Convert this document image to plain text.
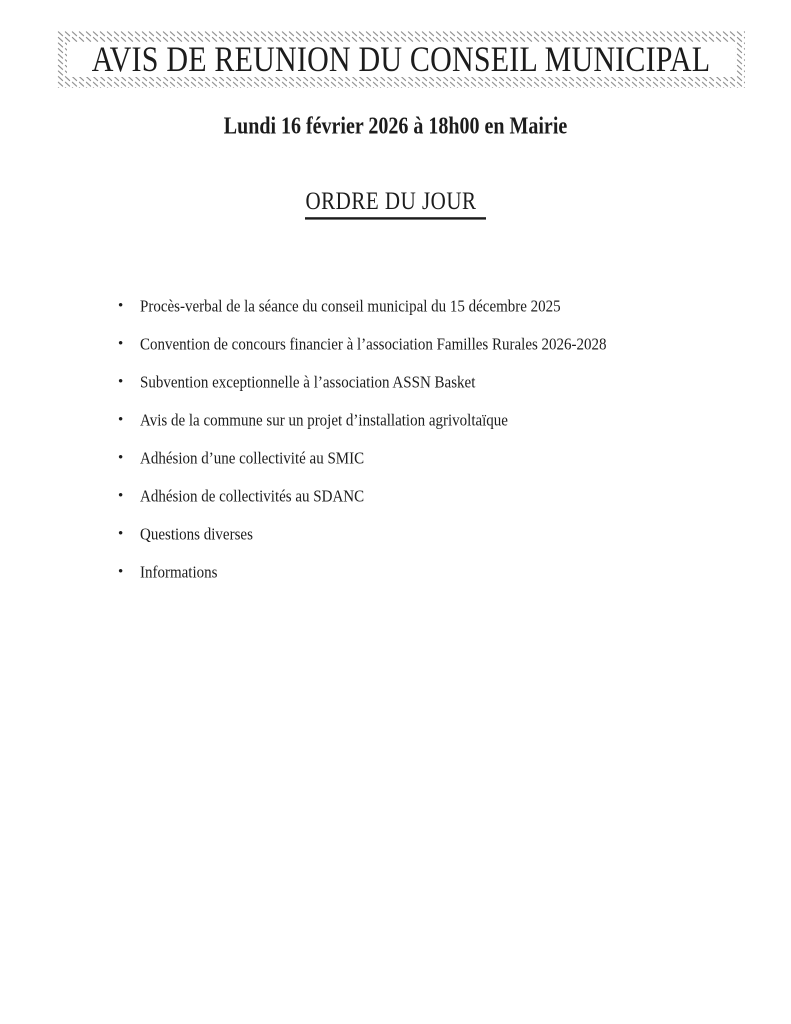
AVIS DE REUNION DU CONSEIL MUNICIPAL
Lundi 16 février 2026 à 18h00 en Mairie
ORDRE DU JOUR
• Procès-verbal de la séance du conseil municipal du 15 décembre 2025
• Convention de concours financier à l’association Familles Rurales 2026-2028
• Subvention exceptionnelle à l’association ASSN Basket
• Avis de la commune sur un projet d’installation agrivoltaïque
• Adhésion d’une collectivité au SMIC
• Adhésion de collectivités au SDANC
• Questions diverses
• Informations
